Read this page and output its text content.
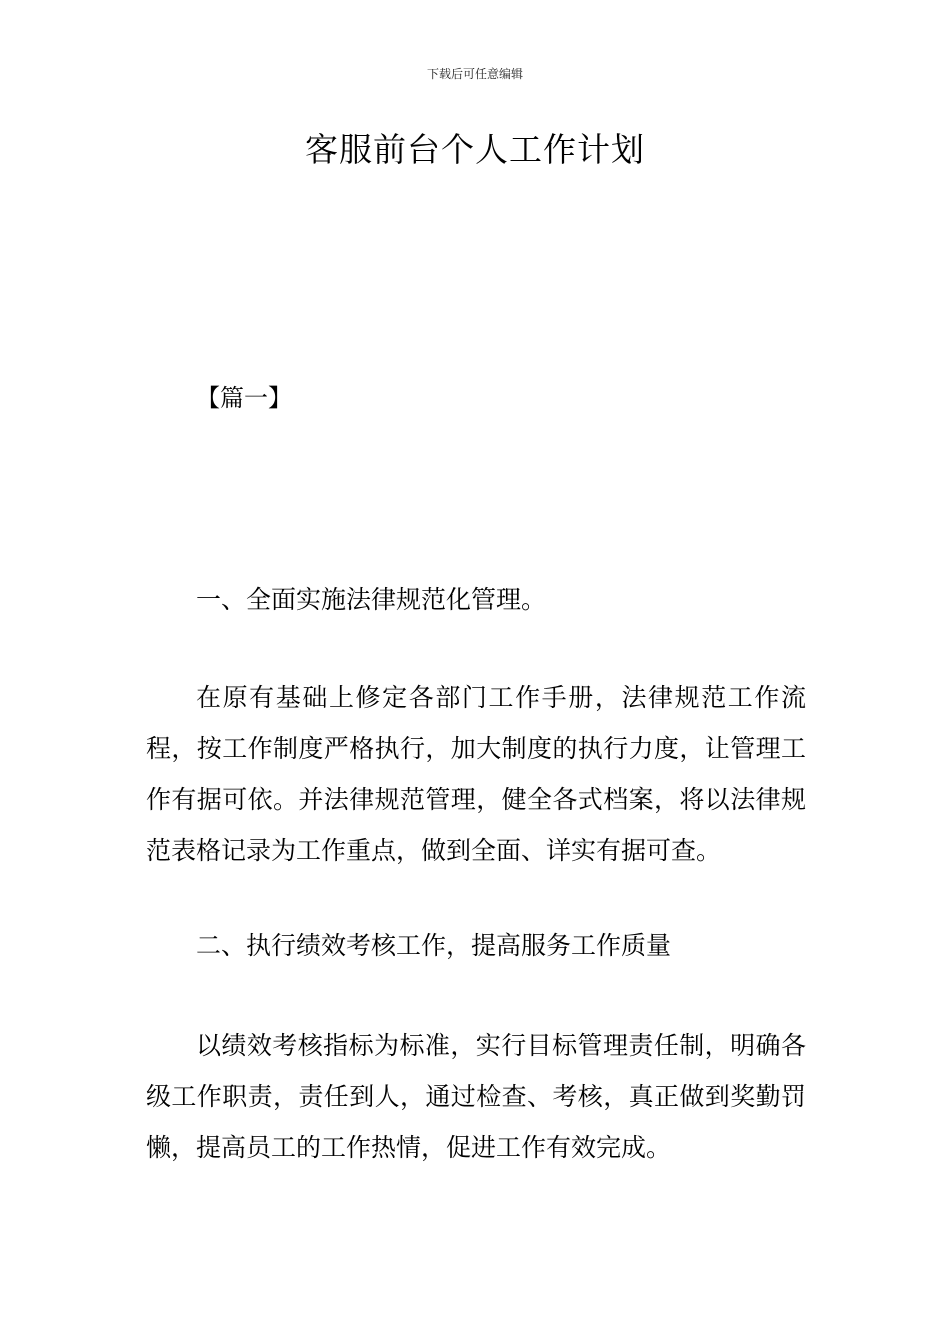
下载后可任意编辑
客服前台个人工作计划
【篇一】
一、全面实施法律规范化管理。

在原有基础上修定各部门工作手册，法律规范工作流程，按工作制度严格执行，加大制度的执行力度，让管理工作有据可依。并法律规范管理，健全各式档案，将以法律规范表格记录为工作重点，做到全面、详实有据可查。

二、执行绩效考核工作，提高服务工作质量

以绩效考核指标为标准，实行目标管理责任制，明确各级工作职责，责任到人，通过检查、考核，真正做到奖勤罚懒，提高员工的工作热情，促进工作有效完成。
